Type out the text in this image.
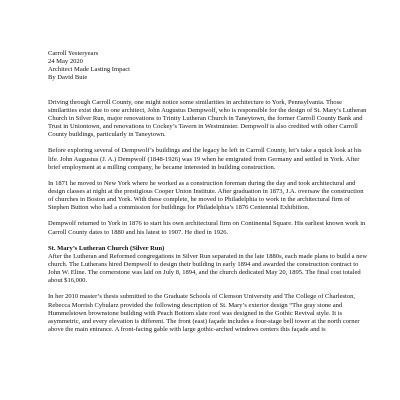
Carroll Yesteryears
24 May 2020
Architect Made Lasting Impact
By David Buie

Driving through Carroll County, one might notice some similarities in architecture to York, Pennsylvania. Those similarities exist due to one architect, John Augustus Dempwolf, who is responsible for the design of St. Mary’s Lutheran Church in Silver Run, major renovations to Trinity Lutheran Church in Taneytown, the former Carroll County Bank and Trust in Uniontown, and renovations to Cockey’s Tavern in Westminster. Dempwolf is also credited with other Carroll County buildings, particularly in Taneytown.

Before exploring several of Dempwolf’s buildings and the legacy he left in Carroll County, let’s take a quick look at his life. John Augustus (J. A.) Dempwolf (1848-1926) was 19 when he emigrated from Germany and settled in York. After brief employment at a milling company, he became interested in building construction.

In 1871 he moved to New York where he worked as a construction foreman during the day and took architectural and design classes at night at the prestigious Cooper Union Institute. After graduation in 1873, J.A. oversaw the construction of churches in Boston and York. With these complete, he moved to Philadelphia to work in the architectural firm of Stephen Button who had a commission for buildings for Philadelphia’s 1876 Centennial Exhibition.

Dempwolf returned to York in 1876 to start his own architectural firm on Continental Square. His earliest known work in Carroll County dates to 1880 and his latest to 1907. He died in 1926.

St. Mary’s Lutheran Church (Silver Run)

After the Lutheran and Reformed congregations in Silver Run separated in the late 1880s, each made plans to build a new church. The Lutherans hired Dempwolf to design their building in early 1894 and awarded the construction contract to John W. Eline. The cornerstone was laid on July 8, 1894, and the church dedicated May 20, 1895. The final cost totaled about $16,000.

In her 2010 master’s thesis submitted to the Graduate Schools of Clemson University and The College of Charleston, Rebecca Morrish Cybularz provided the following description of St. Mary’s exterior design “The gray stone and Hummelstown brownstone building with Peach Bottom slate roof was designed in the Gothic Revival style. It is asymmetric, and every elevation is different. The front (east) façade includes a four-stage bell tower at the north corner above the main entrance. A front-facing gable with large gothic-arched windows centers this façade and is
